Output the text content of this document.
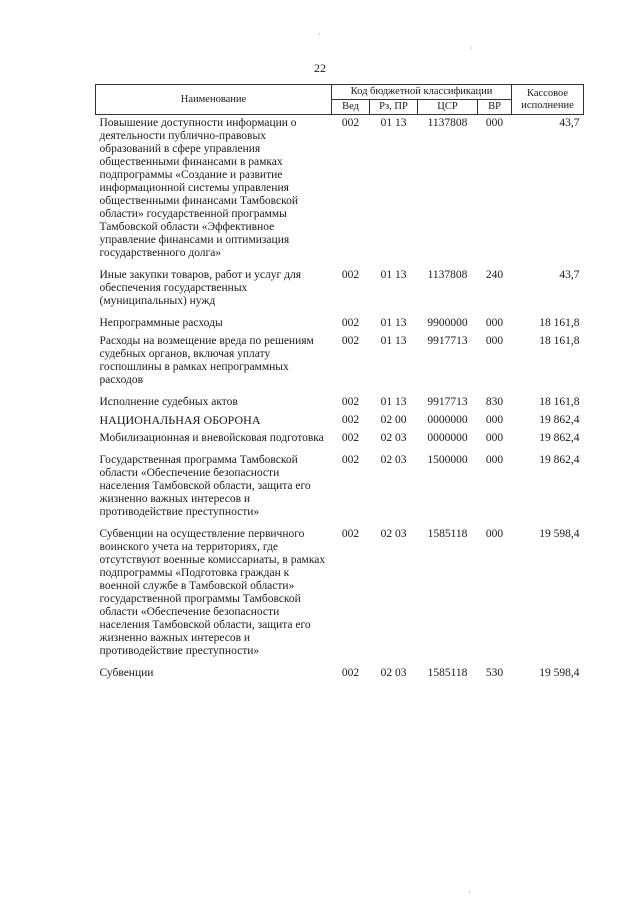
·
·
·
22
Наименование	Код бюджетной классификации				Кассовое исполнение
	Вед	Рз, ПР	ЦСР	ВР	
Повышение доступности информации о деятельности публично-правовых образований в сфере управления общественными финансами в рамках подпрограммы «Создание и развитие информационной системы управления общественными финансами Тамбовской области» государственной программы Тамбовской области «Эффективное управление финансами и оптимизация государственного долга»	002	01 13	1137808	000	43,7
Иные закупки товаров, работ и услуг для обеспечения государственных (муниципальных) нужд	002	01 13	1137808	240	43,7
Непрограммные расходы	002	01 13	9900000	000	18 161,8
Расходы на возмещение вреда по решениям судебных органов, включая уплату госпошлины в рамках непрограммных расходов	002	01 13	9917713	000	18 161,8
Исполнение судебных актов	002	01 13	9917713	830	18 161,8
НАЦИОНАЛЬНАЯ ОБОРОНА	002	02 00	0000000	000	19 862,4
Мобилизационная и вневойсковая подготовка	002	02 03	0000000	000	19 862,4
Государственная программа Тамбовской области «Обеспечение безопасности населения Тамбовской области, защита его жизненно важных интересов и противодействие преступности»	002	02 03	1500000	000	19 862,4
Субвенции на осуществление первичного воинского учета на территориях, где отсутствуют военные комиссариаты, в рамках подпрограммы «Подготовка граждан к военной службе в Тамбовской области» государственной программы Тамбовской области «Обеспечение безопасности населения Тамбовской области, защита его жизненно важных интересов и противодействие преступности»	002	02 03	1585118	000	19 598,4
Субвенции	002	02 03	1585118	530	19 598,4
